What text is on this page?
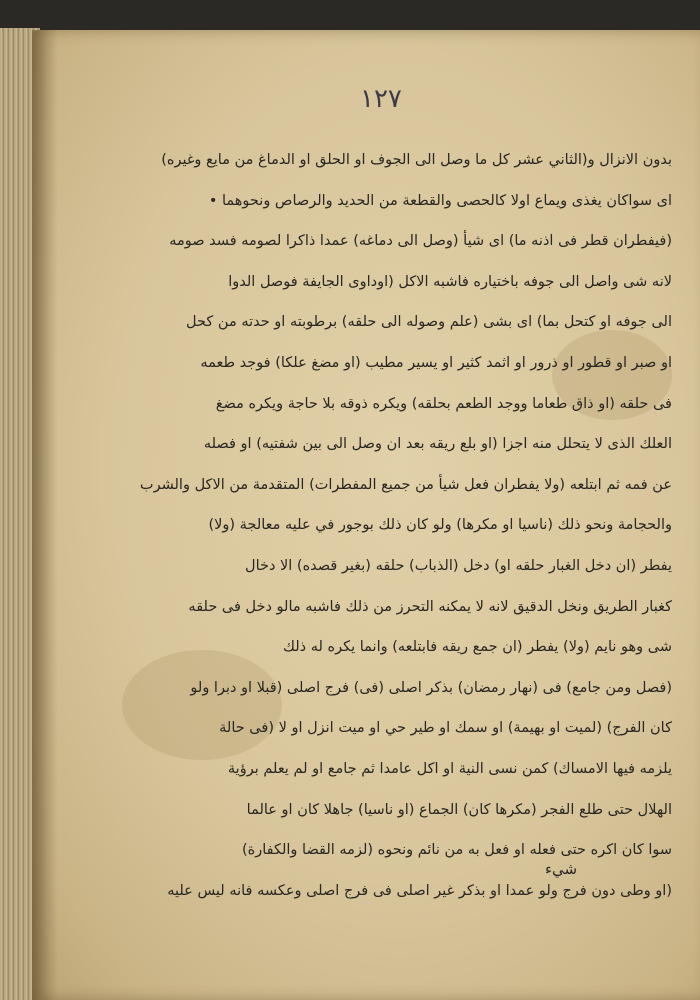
١٢٧
بدون الانزال و(الثاني عشر كل ما وصل الى الجوف او الحلق او الدماغ من مايع وغيره)
اى سواكان يغذى ويماع اولا كالحصى والقطعة من الحديد والرصاص ونحوهما •
(فيفطران قطر فى اذنه ما) اى شيأ (وصل الى دماغه) عمدا ذاكرا لصومه فسد صومه
لانه شى واصل الى جوفه باختياره فاشبه الاكل (اوداوى الجايفة فوصل الدوا
الى جوفه او كتحل بما) اى بشى (علم وصوله الى حلقه) برطوبته او حدته من كحل
او صبر او قطور او ذرور او اثمد كثير او يسير مطيب (او مضغ علكا) فوجد طعمه
فى حلقه (او ذاق طعاما ووجد الطعم بحلقه) ويكره ذوقه بلا حاجة ويكره مضغ
العلك الذى لا يتحلل منه اجزا (او بلع ريقه بعد ان وصل الى بين شفتيه) او فصله
عن فمه ثم ابتلعه (ولا يفطران فعل شيأ من جميع المفطرات) المتقدمة من الاكل والشرب
والحجامة ونحو ذلك (ناسيا او مكرها) ولو كان ذلك بوجور في عليه معالجة (ولا)
يفطر (ان دخل الغبار حلقه او) دخل (الذباب) حلقه (بغير قصده) الا دخال
كغبار الطريق ونخل الدقيق لانه لا يمكنه التحرز من ذلك فاشبه مالو دخل فى حلقه
شى وهو نايم (ولا) يفطر (ان جمع ريقه فابتلعه) وانما يكره له ذلك
(فصل ومن جامع) فى (نهار رمضان) بذكر اصلى (فى) فرج اصلى (قبلا او دبرا ولو
كان الفرج) (لميت او بهيمة) او سمك او طير حي او ميت انزل او لا (فى حالة
يلزمه فيها الامساك) كمن نسى النية او اكل عامدا ثم جامع او لم يعلم برؤية
الهلال حتى طلع الفجر (مكرها كان) الجماع (او ناسيا) جاهلا كان او عالما
سوا كان اكره حتى فعله او فعل به من نائم ونحوه (لزمه القضا والكفارة)
(او وطى دون فرج ولو عمدا او بذكر غير اصلى فى فرج اصلى وعكسه فانه ليس عليه
شيء
